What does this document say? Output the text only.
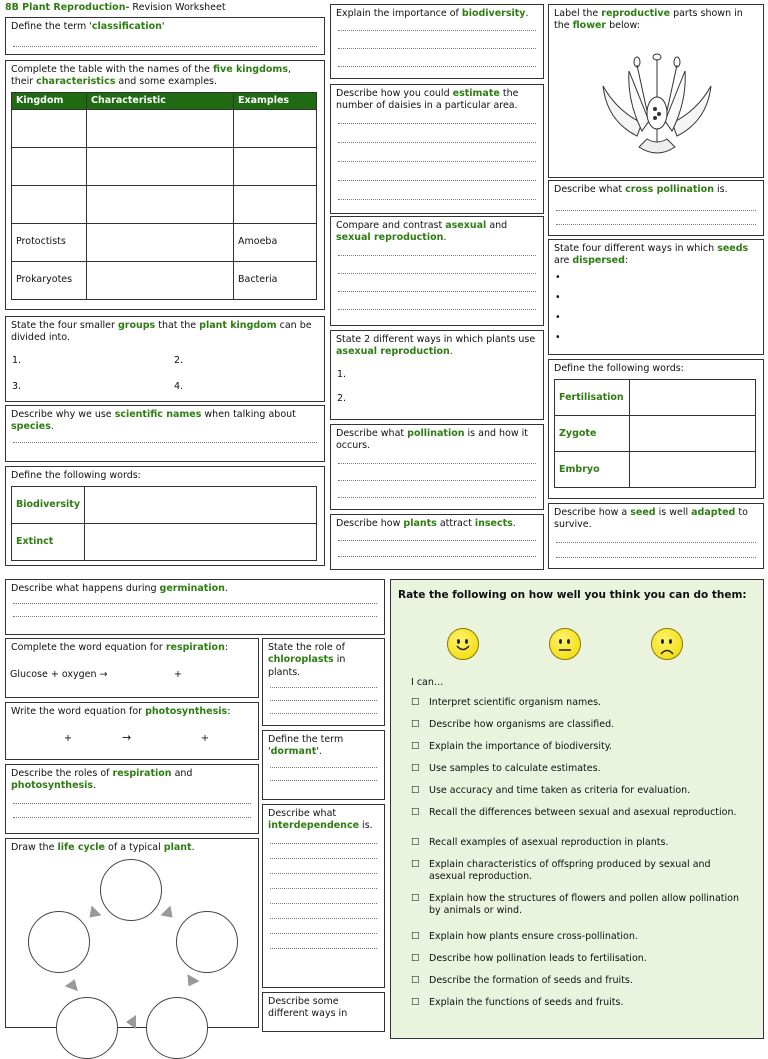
8B Plant Reproduction- Revision Worksheet
Define the term 'classification'
Complete the table with the names of the five kingdoms,
their characteristics and some examples.
Kingdom	Characteristic	Examples

Protoctists		Amoeba
Prokaryotes		Bacteria
State the four smaller groups that the plant kingdom can be divided into.
1.	2.
3.	4.
Describe why we use scientific names when talking about species.
Define the following words:
Biodiversity	
Extinct	
Explain the importance of biodiversity.
Describe how you could estimate the number of daisies in a particular area.
Compare and contrast asexual and sexual reproduction.
State 2 different ways in which plants use asexual reproduction.
1.
2.
Describe what pollination is and how it occurs.
Describe how plants attract insects.
Label the reproductive parts shown in the flower below:
Describe what cross pollination is.
State four different ways in which seeds are dispersed:
•
•
•
•
Define the following words:
Fertilisation	
Zygote	
Embryo	
Describe how a seed is well adapted to survive.
Describe what happens during germination.
Complete the word equation for respiration:
Glucose + oxygen →	+
Write the word equation for photosynthesis:
+	→	+
Describe the roles of respiration and
photosynthesis.
Draw the life cycle of a typical plant.
State the role of chloroplasts in plants.
Define the term 'dormant'.
Describe what interdependence is.
Describe some different ways in
Rate the following on how well you think you can do them:
I can…
☐ Interpret scientific organism names.
☐ Describe how organisms are classified.
☐ Explain the importance of biodiversity.
☐ Use samples to calculate estimates.
☐ Use accuracy and time taken as criteria for evaluation.
☐ Recall the differences between sexual and asexual reproduction.
☐ Recall examples of asexual reproduction in plants.
☐ Explain characteristics of offspring produced by sexual and asexual reproduction.
☐ Explain how the structures of flowers and pollen allow pollination by animals or wind.
☐ Explain how plants ensure cross-pollination.
☐ Describe how pollination leads to fertilisation.
☐ Describe the formation of seeds and fruits.
☐ Explain the functions of seeds and fruits.
